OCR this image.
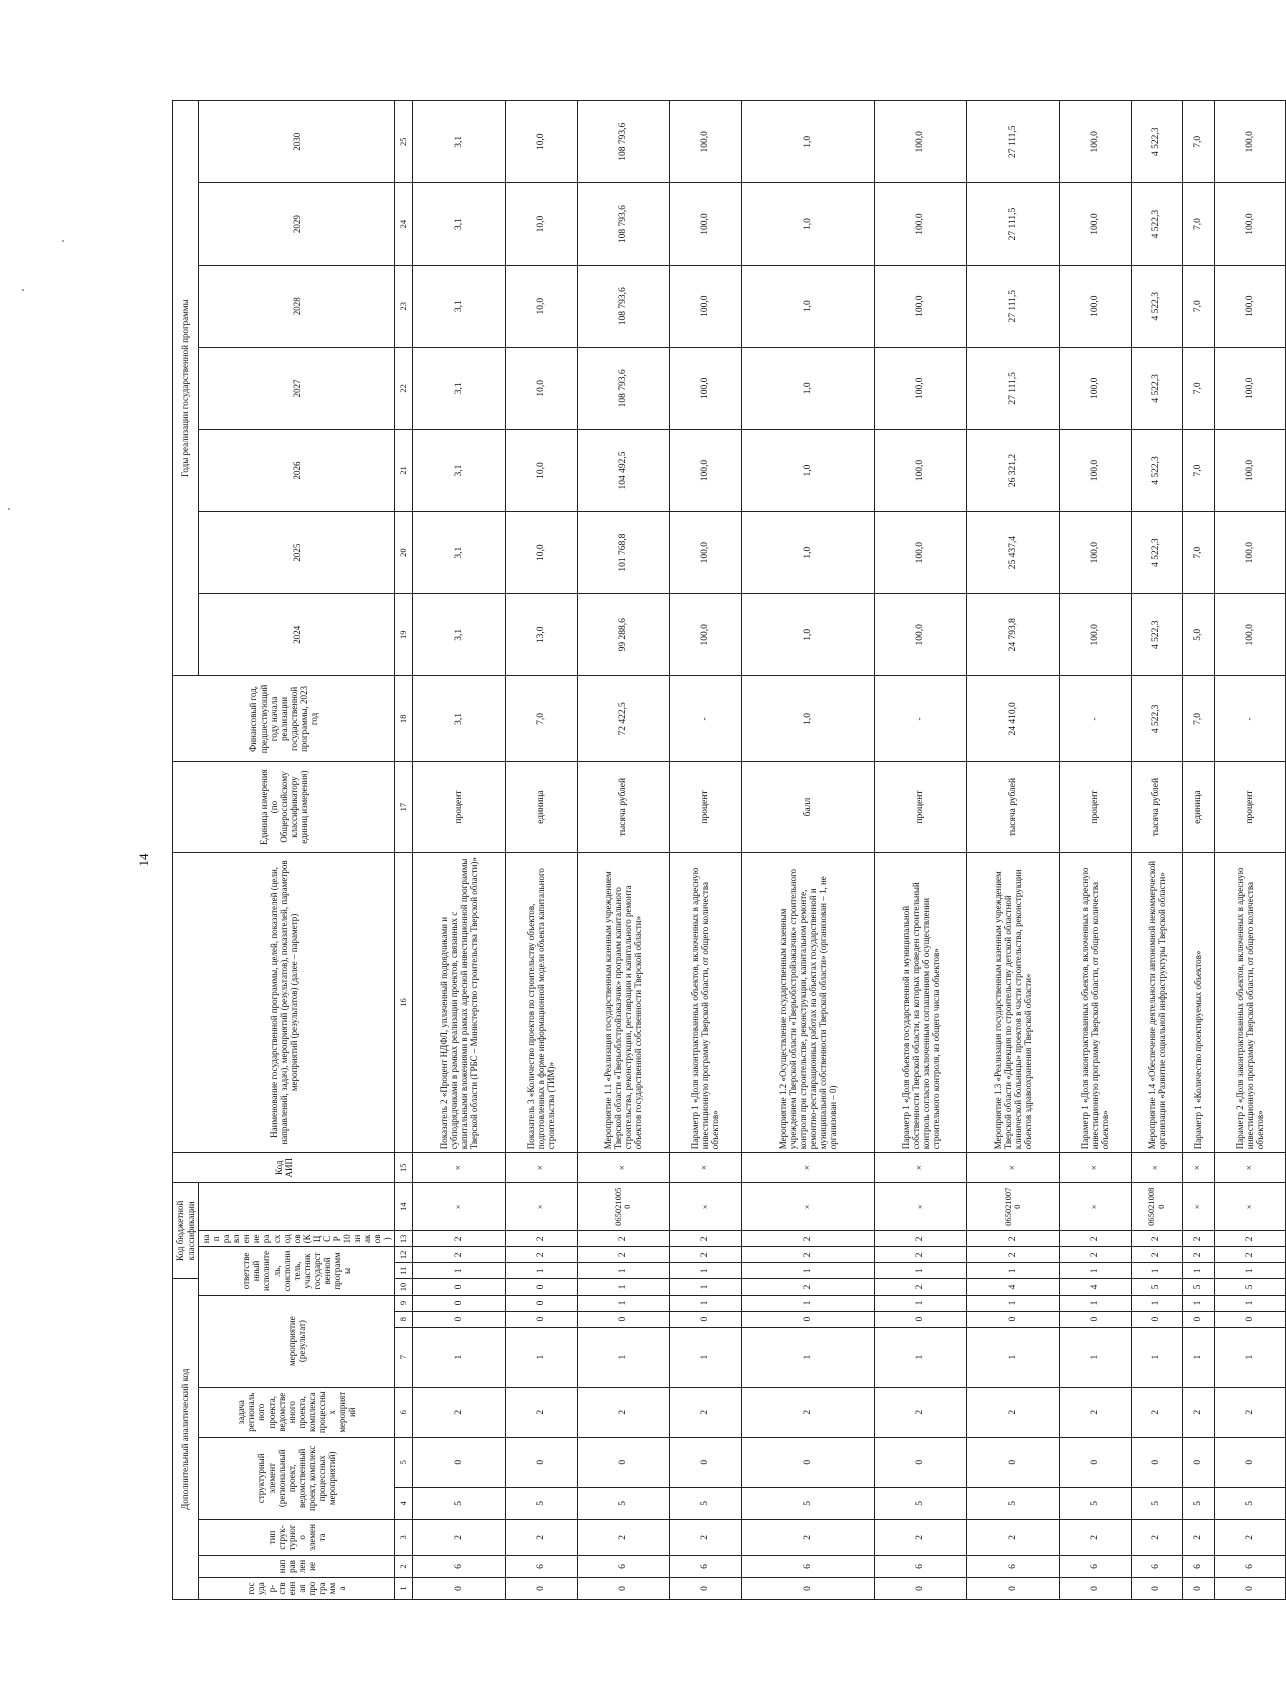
14
Дополнительный аналитический код										Код бюджетной классификации				Код АИП	Наименование государственной программы, целей, показателей (цели, направлений, задач), мероприятий (результатов), показателей, параметров мероприятий (результатов) (далее – параметр)	Единица измерения (по Общероссийскому классификатору единиц измерения)	Финансовый год, предшествующий году начала реализации государственной программы, 2023 год	Годы реализации государственной программы						
государ-ственная программа	направление	тип струк-турного элемента	структурный элемент (региональный проект, ведомственный проект, комплекс процессных мероприятий)		задача регионального проекта, ведомственного проекта, комплекса процессных мероприятий	мероприятие (результат)			ответственный исполнитель, соисполнитель, участник государственной программы			направление расходов (КЦСР 10 знаков)						2024	2025	2026	2027	2028	2029	2030

1	2	3	4	5	6	7	8	9	10	11	12	13	14	15	16	17	18	19	20	21	22	23	24	25
0	6	2	5	0	2	1	0	0	0	1	2	2	×	×	Показатель 2 «Процент НДФЛ, уплаченный подрядчиками и субподрядчиками в рамках реализации проектов, связанных с капитальными вложениями в рамках адресной инвестиционной программы Тверской области (ГРБС – Министерство строительства Тверской области)»	процент	3,1	3,1	3,1	3,1	3,1	3,1	3,1	3,1
0	6	2	5	0	2	1	0	0	0	1	2	2	×	×	Показатель 3 «Количество проектов по строительству объектов, подготовленных в форме информационной модели объекта капитального строительства (ТИМ)»	единица	7,0	13,0	10,0	10,0	10,0	10,0	10,0	10,0
0	6	2	5	0	2	1	0	1	1	1	2	2	0650210050	×	Мероприятие 1.1 «Реализация государственным казенным учреждением Тверской области «Тверьоблстройзаказчик» программ капитального строительства, реконструкции, реставрации и капитального ремонта объектов государственной собственности Тверской области»	тысяча рублей	72 422,5	99 288,6	101 768,8	104 492,5	108 793,6	108 793,6	108 793,6	108 793,6
0	6	2	5	0	2	1	0	1	1	1	2	2	×	×	Параметр 1 «Доля законтрактованных объектов, включенных в адресную инвестиционную программу Тверской области, от общего количества объектов»	процент	-	100,0	100,0	100,0	100,0	100,0	100,0	100,0
0	6	2	5	0	2	1	0	1	2	1	2	2	×	×	Мероприятие 1.2 «Осуществление государственным казенным учреждением Тверской области «Тверьоблстройзаказчик» строительного контроля при строительстве, реконструкции, капитальном ремонте, ремонтно-реставрационных работах на объектах государственной и муниципальной собственности Тверской области» (организован – 1, не организован – 0)	балл	1,0	1,0	1,0	1,0	1,0	1,0	1,0	1,0
0	6	2	5	0	2	1	0	1	2	1	2	2	×	×	Параметр 1 «Доля объектов государственной и муниципальной собственности Тверской области, на которых проведен строительный контроль согласно заключенным соглашениям об осуществлении строительного контроля, из общего числа объектов»	процент	-	100,0	100,0	100,0	100,0	100,0	100,0	100,0
0	6	2	5	0	2	1	0	1	4	1	2	2	0650210070	×	Мероприятие 1.3 «Реализация государственным казенным учреждением Тверской области «Дирекция по строительству детской областной клинической больницы» проектов в части строительства, реконструкции объектов здравоохранения Тверской области»	тысяча рублей	24 410,0	24 793,8	25 437,4	26 321,2	27 111,5	27 111,5	27 111,5	27 111,5
0	6	2	5	0	2	1	0	1	4	1	2	2	×	×	Параметр 1 «Доля законтрактованных объектов, включенных в адресную инвестиционную программу Тверской области, от общего количества объектов»	процент	-	100,0	100,0	100,0	100,0	100,0	100,0	100,0
0	6	2	5	0	2	1	0	1	5	1	2	2	0650210080	×	Мероприятие 1.4 «Обеспечение деятельности автономной некоммерческой организации «Развитие социальной инфраструктуры Тверской области»	тысяча рублей	4 522,3	4 522,3	4 522,3	4 522,3	4 522,3	4 522,3	4 522,3	4 522,3
0	6	2	5	0	2	1	0	1	5	1	2	2	×	×	Параметр 1 «Количество проектируемых объектов»	единица	7,0	5,0	7,0	7,0	7,0	7,0	7,0	7,0
0	6	2	5	0	2	1	0	1	5	1	2	2	×	×	Параметр 2 «Доля законтрактованных объектов, включенных в адресную инвестиционную программу Тверской области, от общего количества объектов»	процент	-	100,0	100,0	100,0	100,0	100,0	100,0	100,0
